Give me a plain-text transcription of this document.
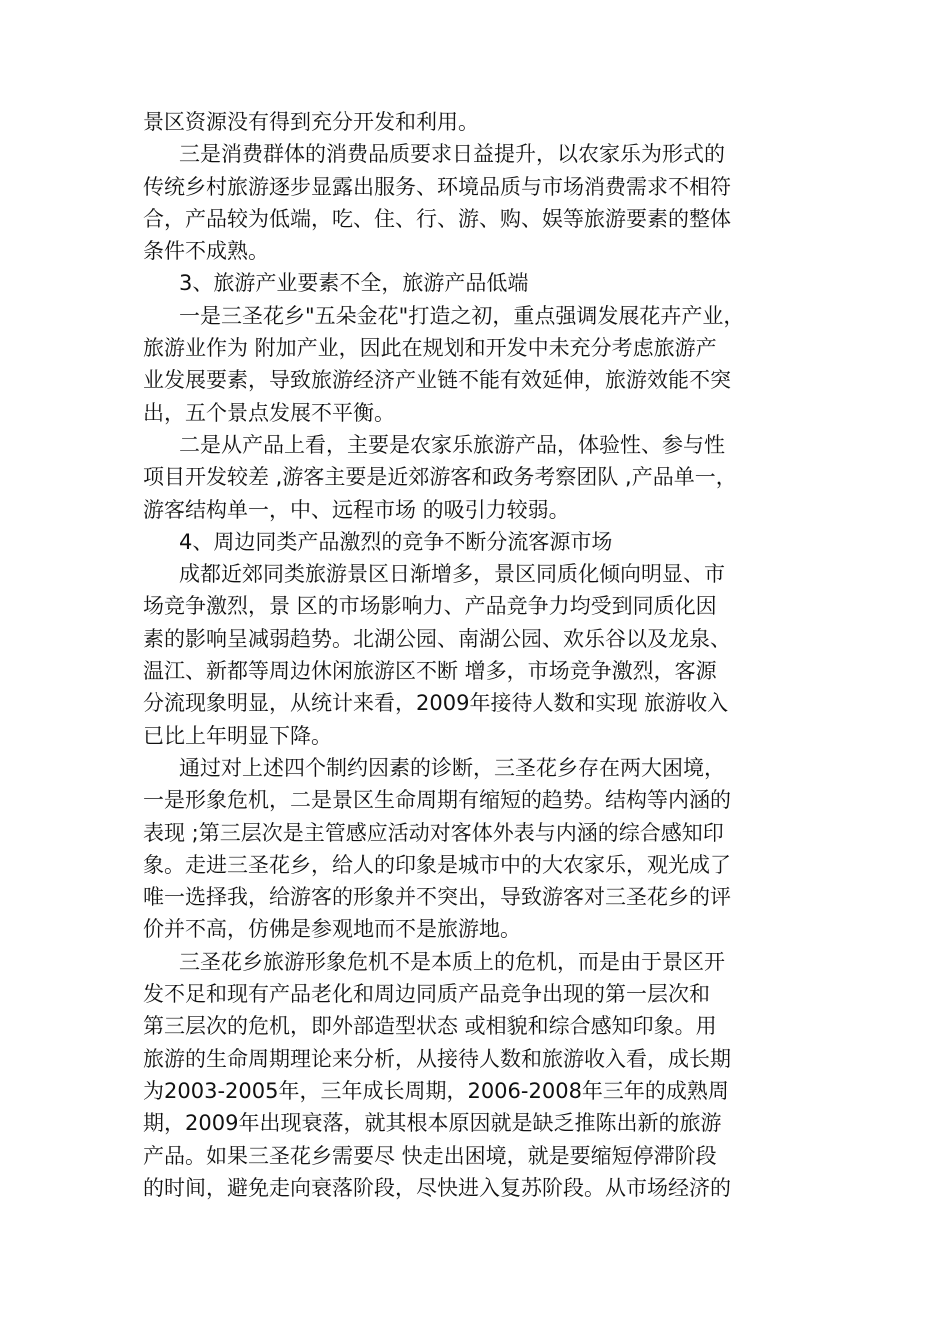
景区资源没有得到充分开发和利用。
三是消费群体的消费品质要求日益提升，以农家乐为形式的
传统乡村旅游逐步显露出服务、环境品质与市场消费需求不相符
合，产品较为低端，吃、住、行、游、购、娱等旅游要素的整体
条件不成熟。
3、旅游产业要素不全，旅游产品低端
一是三圣花乡"五朵金花"打造之初，重点强调发展花卉产业，
旅游业作为 附加产业，因此在规划和开发中未充分考虑旅游产
业发展要素，导致旅游经济产业链不能有效延伸，旅游效能不突
出，五个景点发展不平衡。
二是从产品上看，主要是农家乐旅游产品，体验性、参与性
项目开发较差 ,游客主要是近郊游客和政务考察团队 ,产品单一，
游客结构单一，中、远程市场 的吸引力较弱。
4、周边同类产品激烈的竞争不断分流客源市场
成都近郊同类旅游景区日渐增多，景区同质化倾向明显、市
场竞争激烈，景 区的市场影响力、产品竞争力均受到同质化因
素的影响呈减弱趋势。北湖公园、南湖公园、欢乐谷以及龙泉、
温江、新都等周边休闲旅游区不断 增多，市场竞争激烈，客源
分流现象明显，从统计来看，2009年接待人数和实现 旅游收入
已比上年明显下降。
通过对上述四个制约因素的诊断，三圣花乡存在两大困境，
一是形象危机，二是景区生命周期有缩短的趋势。结构等内涵的
表现 ;第三层次是主管感应活动对客体外表与内涵的综合感知印
象。走进三圣花乡，给人的印象是城市中的大农家乐，观光成了
唯一选择我，给游客的形象并不突出，导致游客对三圣花乡的评
价并不高，仿佛是参观地而不是旅游地。
三圣花乡旅游形象危机不是本质上的危机，而是由于景区开
发不足和现有产品老化和周边同质产品竞争出现的第一层次和
第三层次的危机，即外部造型状态 或相貌和综合感知印象。用
旅游的生命周期理论来分析，从接待人数和旅游收入看，成长期
为2003-2005年，三年成长周期，2006-2008年三年的成熟周
期，2009年出现衰落，就其根本原因就是缺乏推陈出新的旅游
产品。如果三圣花乡需要尽 快走出困境，就是要缩短停滞阶段
的时间，避免走向衰落阶段，尽快进入复苏阶段。从市场经济的
